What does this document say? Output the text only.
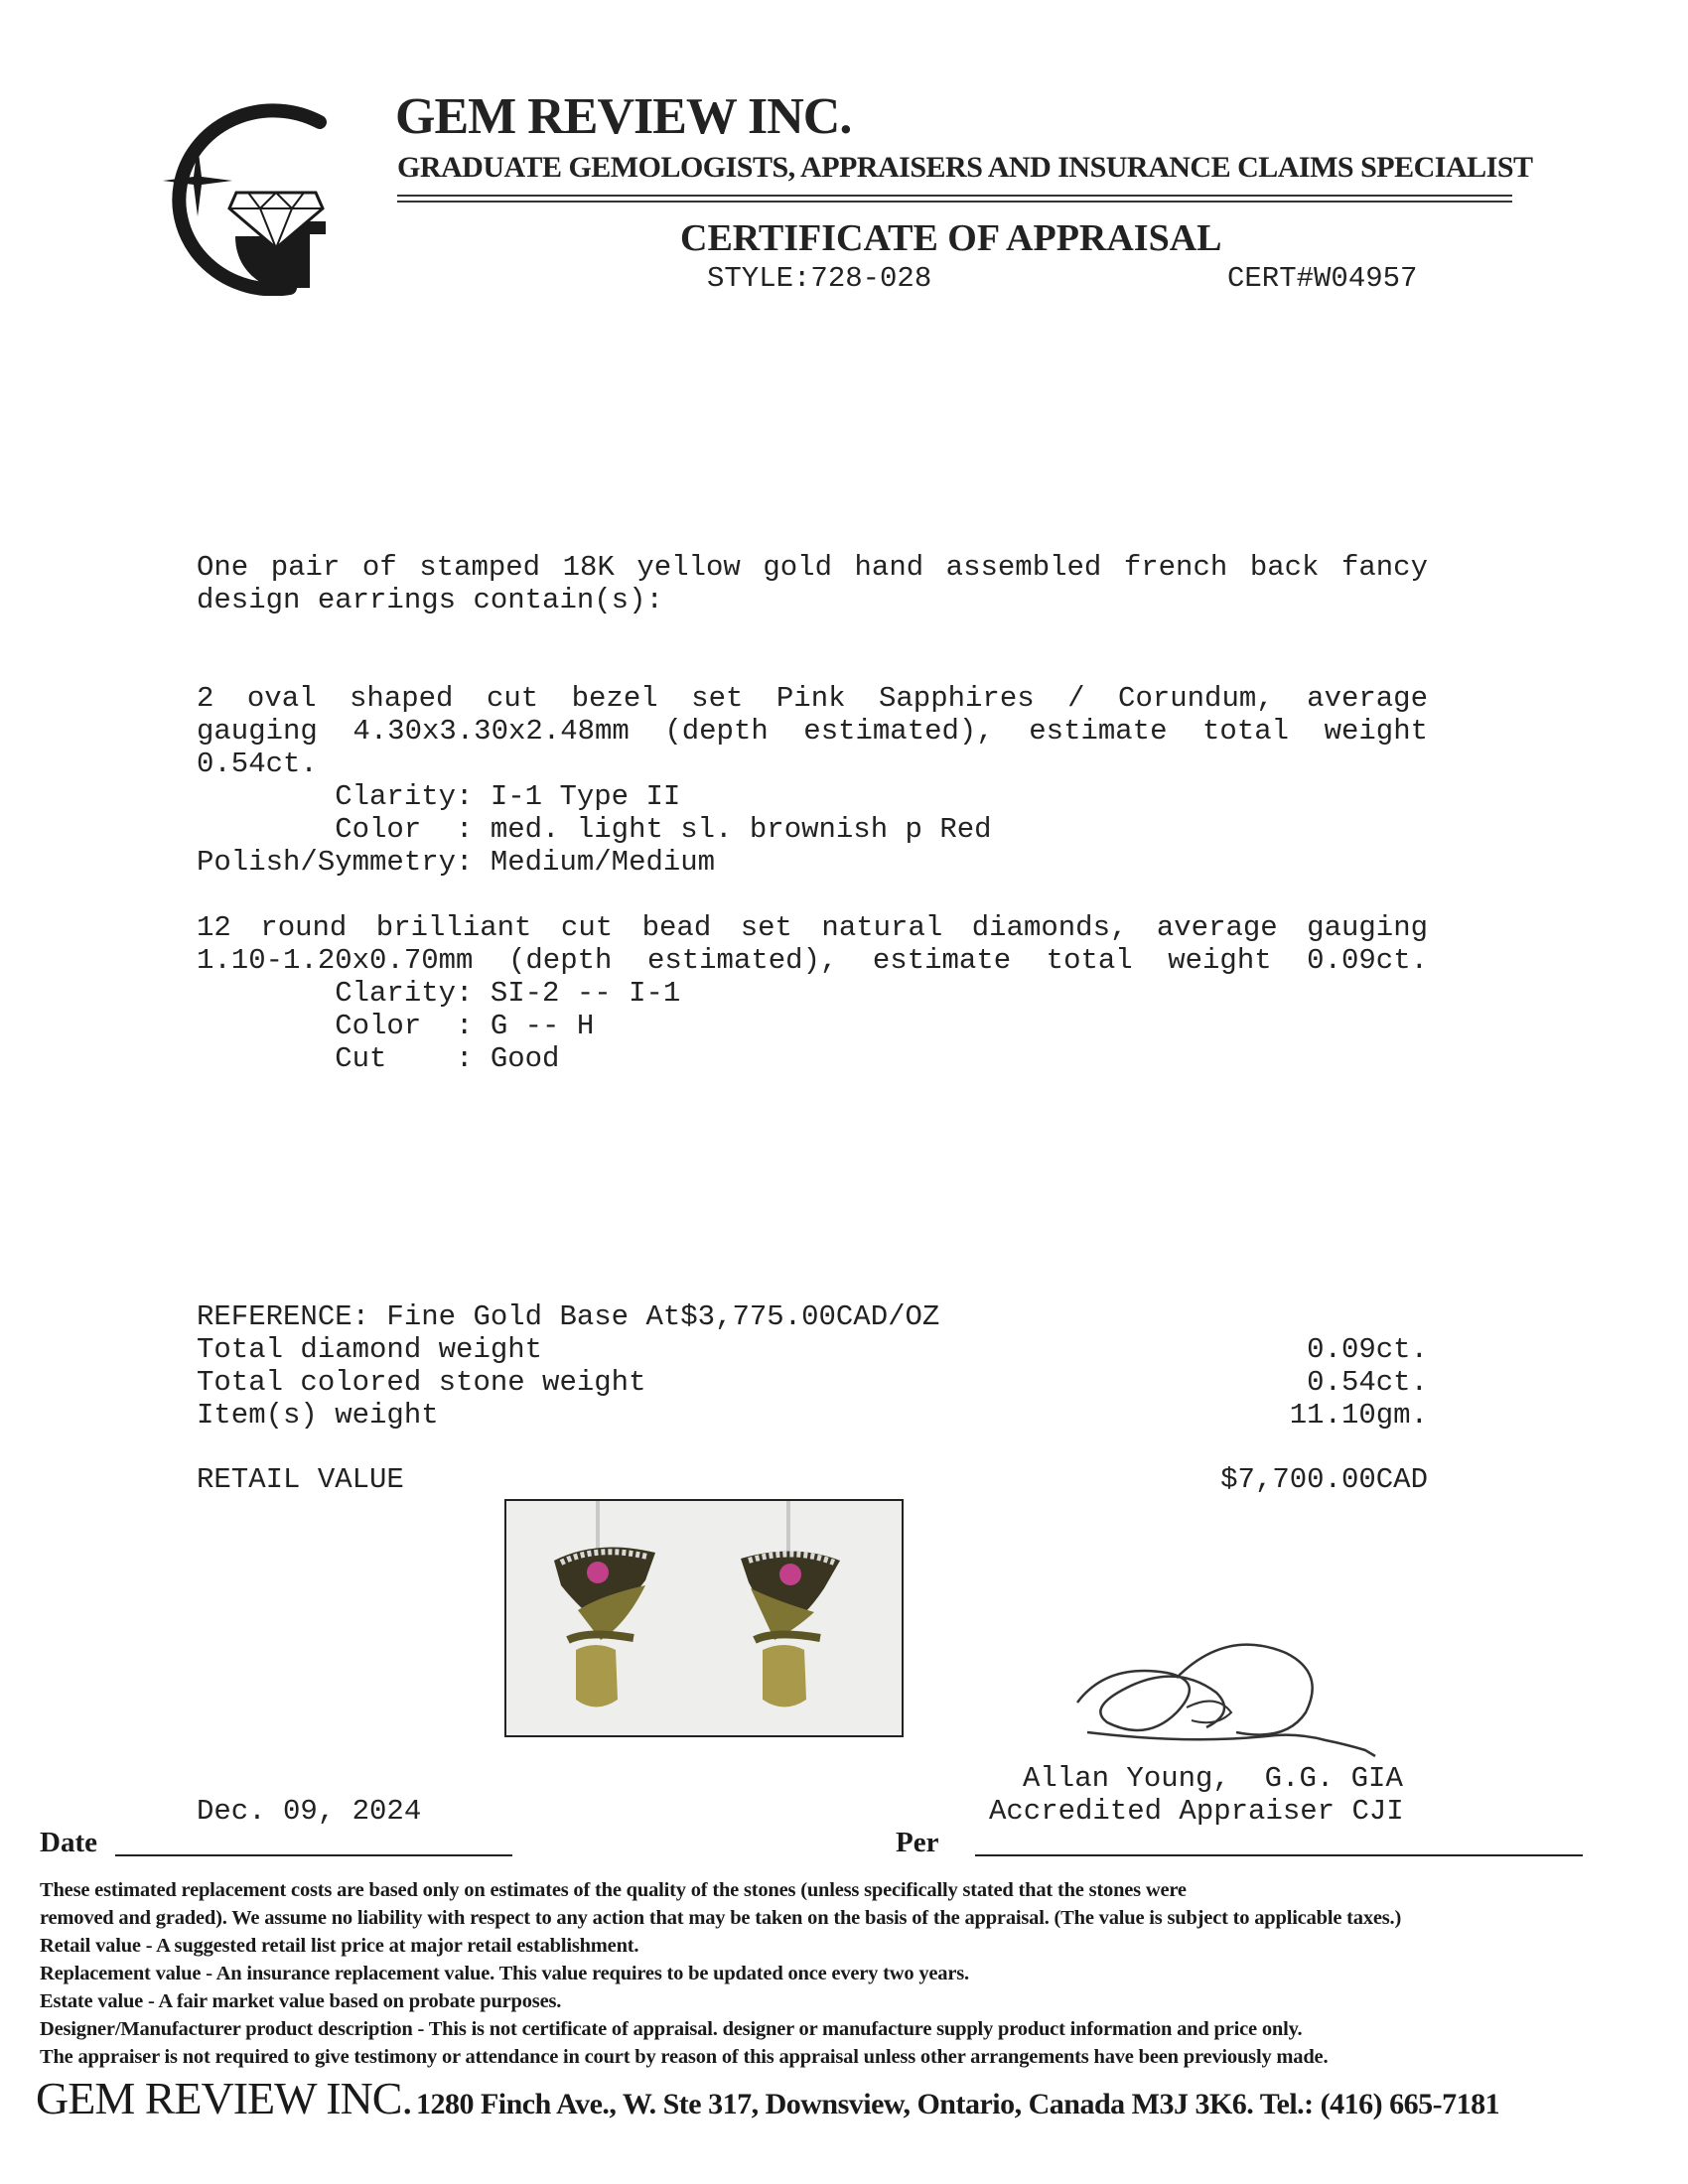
GEM REVIEW INC.
GRADUATE GEMOLOGISTS, APPRAISERS AND INSURANCE CLAIMS SPECIALIST
CERTIFICATE OF APPRAISAL
STYLE:728-028	CERT#W04957
One pair of stamped 18K yellow gold hand assembled french back fancy
design earrings contain(s):
2 oval shaped cut bezel set Pink Sapphires / Corundum, average
gauging 4.30x3.30x2.48mm (depth estimated), estimate total weight
0.54ct.
Clarity: I-1 Type II
Color  : med. light sl. brownish p Red
Polish/Symmetry: Medium/Medium
12 round brilliant cut bead set natural diamonds, average gauging
1.10-1.20x0.70mm (depth estimated), estimate total weight 0.09ct.
Clarity: SI-2 -- I-1
Color  : G -- H
Cut    : Good
REFERENCE: Fine Gold Base At$3,775.00CAD/OZ
Total diamond weight	0.09ct.
Total colored stone weight	0.54ct.
Item(s) weight	11.10gm.
RETAIL VALUE	$7,700.00CAD
Allan Young,  G.G. GIA
Accredited Appraiser CJI
Dec. 09, 2024
Date	Per
These estimated replacement costs are based only on estimates of the quality of the stones (unless specifically stated that the stones were
removed and graded). We assume no liability with respect to any action that may be taken on the basis of the appraisal. (The value is subject to applicable taxes.)
Retail value - A suggested retail list price at major retail establishment.
Replacement value - An insurance replacement value. This value requires to be updated once every two years.
Estate value - A fair market value based on probate purposes.
Designer/Manufacturer product description - This is not certificate of appraisal. designer or manufacture supply product information and price only.
The appraiser is not required to give testimony or attendance in court by reason of this appraisal unless other arrangements have been previously made.
GEM REVIEW INC. 1280 Finch Ave., W. Ste 317, Downsview, Ontario, Canada M3J 3K6. Tel.: (416) 665-7181
